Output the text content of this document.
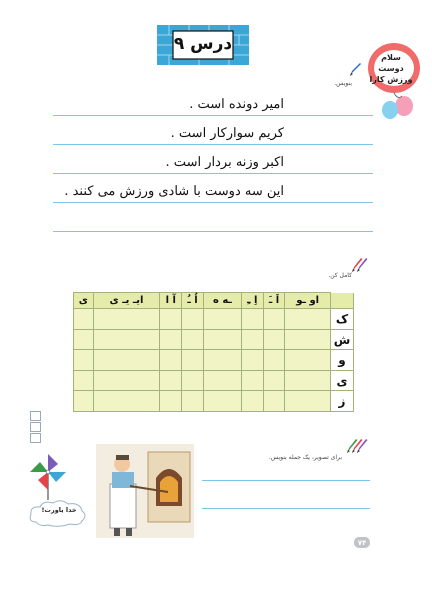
درس ۹
سلام دوست
ورزش کارا
بنویس.
امیر دونده است .
کریم سوارکار است .
اکبر وزنه بردار است .
این سه دوست با شادی ورزش می کنند .
کامل کن.
	او ـو	اَ ـَ	اِ ـِ	ـه ه	اُ ـُ	آ ا	ایـ یـ ی	ی
ک								
ش								
و								
ی								
ز								
برای تصویر، یک جمله بنویس.
خدا یاورت!
۷۴
